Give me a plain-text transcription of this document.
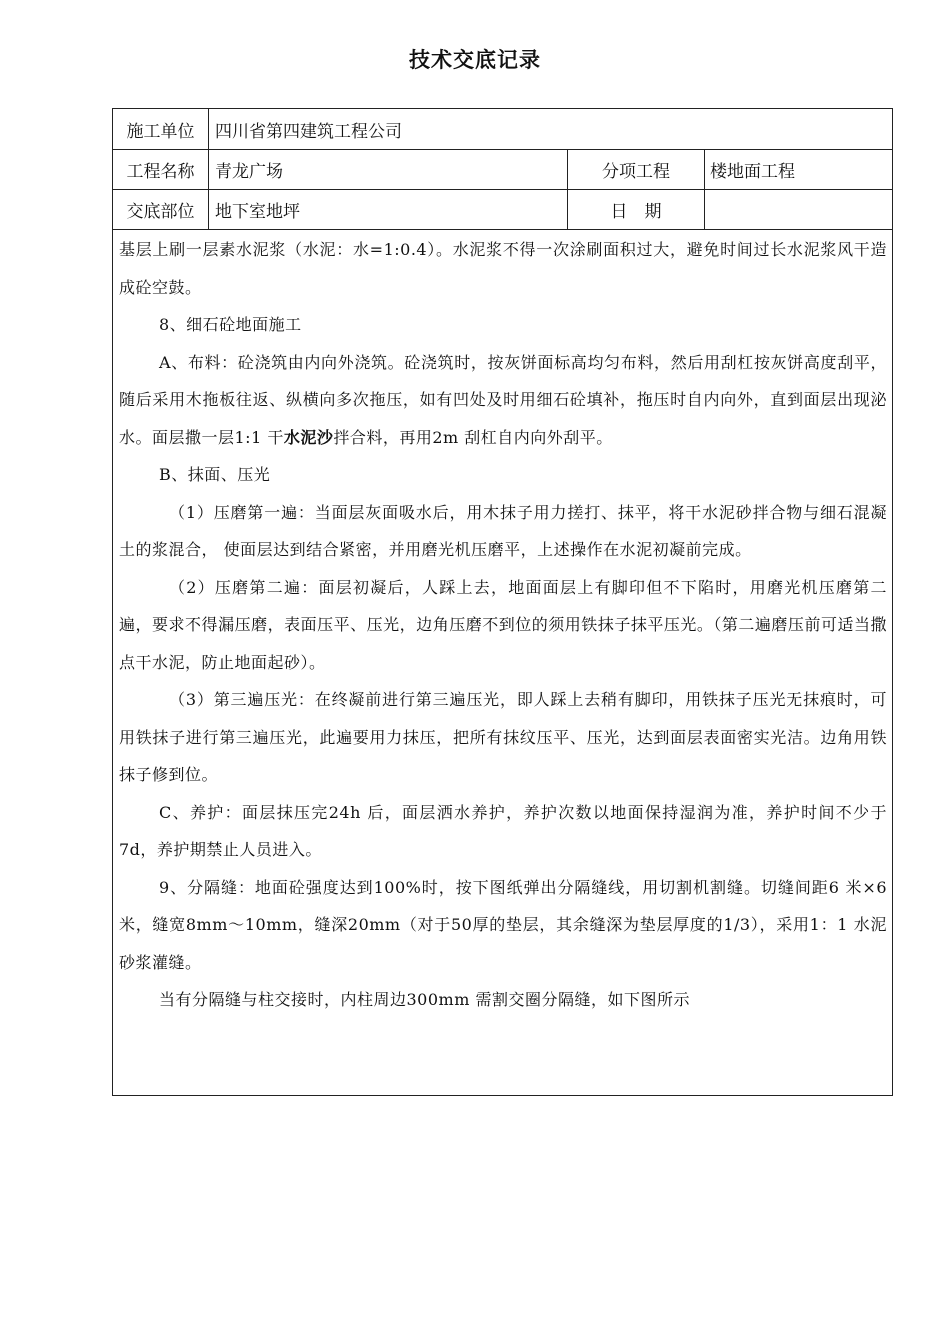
技术交底记录
施工单位	四川省第四建筑工程公司
工程名称	青龙广场	分项工程	楼地面工程
交底部位	地下室地坪	日　期

基层上刷一层素水泥浆（水泥：水=1:0.4）。水泥浆不得一次涂刷面积过大，避免时间过长水泥浆风干造成砼空鼓。

8、细石砼地面施工

A、布料：砼浇筑由内向外浇筑。砼浇筑时，按灰饼面标高均匀布料，然后用刮杠按灰饼高度刮平，随后采用木拖板往返、纵横向多次拖压，如有凹处及时用细石砼填补，拖压时自内向外，直到面层出现泌水。面层撒一层1:1 干水泥沙拌合料，再用2m 刮杠自内向外刮平。

B、抹面、压光

（1）压磨第一遍：当面层灰面吸水后，用木抹子用力搓打、抹平，将干水泥砂拌合物与细石混凝土的浆混合， 使面层达到结合紧密，并用磨光机压磨平，上述操作在水泥初凝前完成。

（2）压磨第二遍：面层初凝后，人踩上去，地面面层上有脚印但不下陷时，用磨光机压磨第二遍，要求不得漏压磨，表面压平、压光，边角压磨不到位的须用铁抹子抹平压光。（第二遍磨压前可适当撒点干水泥，防止地面起砂）。

（3）第三遍压光：在终凝前进行第三遍压光，即人踩上去稍有脚印，用铁抹子压光无抹痕时，可用铁抹子进行第三遍压光，此遍要用力抹压，把所有抹纹压平、压光，达到面层表面密实光洁。边角用铁抹子修到位。

C、养护：面层抹压完24h 后，面层洒水养护，养护次数以地面保持湿润为准，养护时间不少于7d，养护期禁止人员进入。

9、分隔缝：地面砼强度达到100%时，按下图纸弹出分隔缝线，用切割机割缝。切缝间距6 米×6 米，缝宽8mm～10mm，缝深20mm（对于50厚的垫层，其余缝深为垫层厚度的1/3），采用1：1 水泥砂浆灌缝。

当有分隔缝与柱交接时，内柱周边300mm 需割交圈分隔缝，如下图所示
